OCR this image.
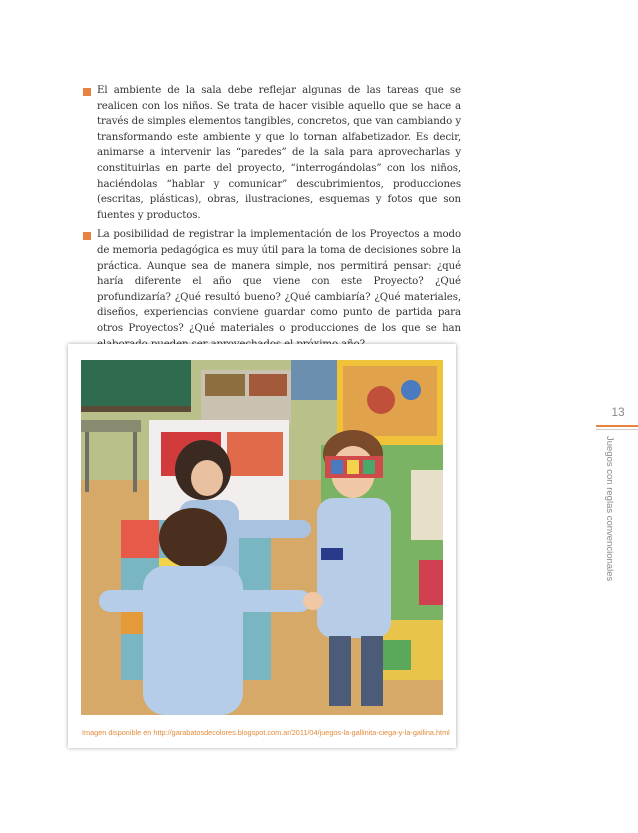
El ambiente de la sala debe reflejar algunas de las tareas que se realicen con los niños. Se trata de hacer visible aquello que se hace a través de simples elementos tangibles, concretos, que van cambiando y transformando este ambiente y que lo tornan alfabetizador. Es decir, animarse a intervenir las “paredes” de la sala para aprovecharlas y constituirlas en parte del proyecto, “interrogándolas” con los niños, haciéndolas “hablar y comunicar” descubrimientos, producciones (escritas, plásticas), obras, ilustraciones, esquemas y fotos que son fuentes y productos.
La posibilidad de registrar la implementación de los Proyectos a modo de memoria pedagógica es muy útil para la toma de decisiones sobre la práctica. Aunque sea de manera simple, nos permitirá pensar: ¿qué haría diferente el año que viene con este Proyecto? ¿Qué profundizaría? ¿Qué resultó bueno? ¿Qué cambiaría? ¿Qué materiales, diseños, experiencias conviene guardar como punto de partida para otros Proyectos? ¿Qué materiales o producciones de los que se han
Imagen disponible en http://garabatosdecolores.blogspot.com.ar/2011/04/juegos-la-gallinita-ciega-y-la-gallina.html
13
Juegos con reglas convencionales
